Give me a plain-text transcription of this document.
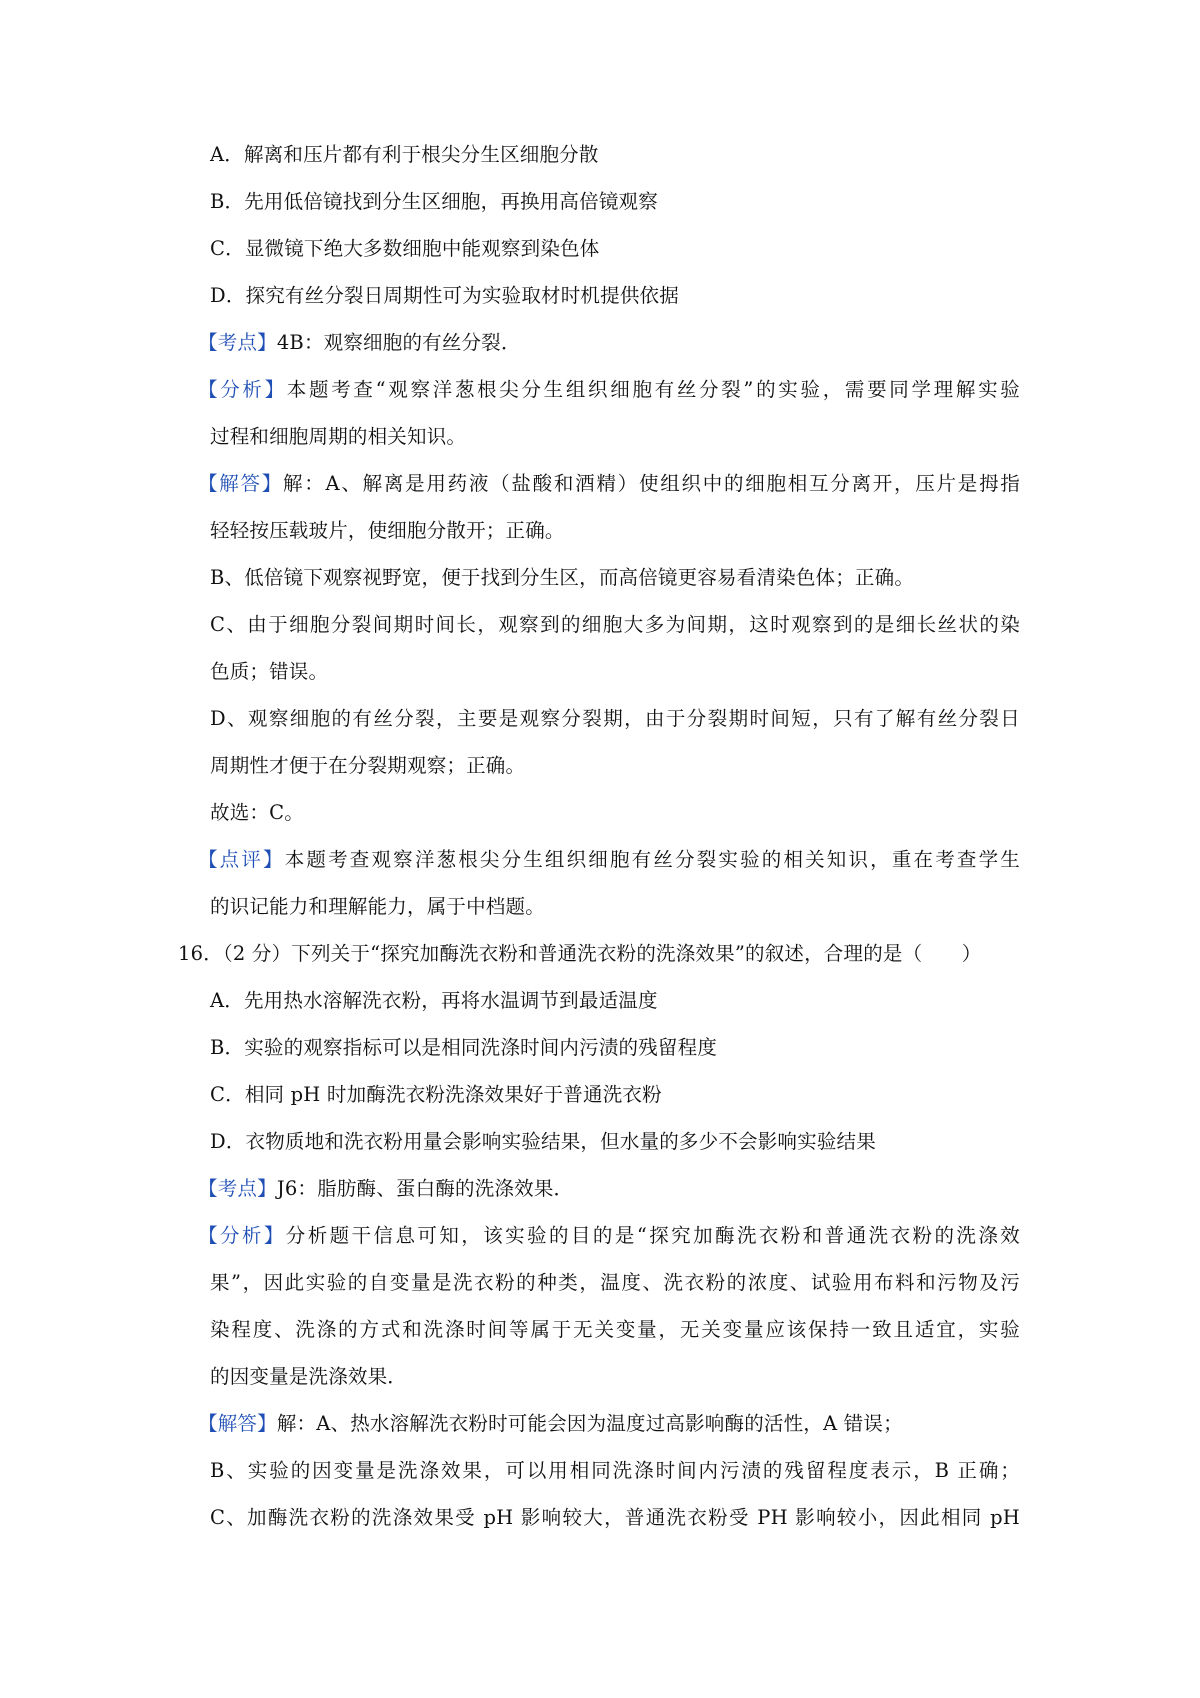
A．解离和压片都有利于根尖分生区细胞分散
B．先用低倍镜找到分生区细胞，再换用高倍镜观察
C．显微镜下绝大多数细胞中能观察到染色体
D．探究有丝分裂日周期性可为实验取材时机提供依据
【考点】4B：观察细胞的有丝分裂．
【分析】本题考查“观察洋葱根尖分生组织细胞有丝分裂”的实验，需要同学理解实验
过程和细胞周期的相关知识。
【解答】解：A、解离是用药液（盐酸和酒精）使组织中的细胞相互分离开，压片是拇指
轻轻按压载玻片，使细胞分散开；正确。
B、低倍镜下观察视野宽，便于找到分生区，而高倍镜更容易看清染色体；正确。
C、由于细胞分裂间期时间长，观察到的细胞大多为间期，这时观察到的是细长丝状的染
色质；错误。
D、观察细胞的有丝分裂，主要是观察分裂期，由于分裂期时间短，只有了解有丝分裂日
周期性才便于在分裂期观察；正确。
故选：C。
【点评】本题考查观察洋葱根尖分生组织细胞有丝分裂实验的相关知识，重在考查学生
的识记能力和理解能力，属于中档题。
16．（2 分）下列关于“探究加酶洗衣粉和普通洗衣粉的洗涤效果”的叙述，合理的是（　　）
A．先用热水溶解洗衣粉，再将水温调节到最适温度
B．实验的观察指标可以是相同洗涤时间内污渍的残留程度
C．相同 pH 时加酶洗衣粉洗涤效果好于普通洗衣粉
D．衣物质地和洗衣粉用量会影响实验结果，但水量的多少不会影响实验结果
【考点】J6：脂肪酶、蛋白酶的洗涤效果．
【分析】分析题干信息可知，该实验的目的是“探究加酶洗衣粉和普通洗衣粉的洗涤效
果”，因此实验的自变量是洗衣粉的种类，温度、洗衣粉的浓度、试验用布料和污物及污
染程度、洗涤的方式和洗涤时间等属于无关变量，无关变量应该保持一致且适宜，实验
的因变量是洗涤效果．
【解答】解：A、热水溶解洗衣粉时可能会因为温度过高影响酶的活性，A 错误；
B、实验的因变量是洗涤效果，可以用相同洗涤时间内污渍的残留程度表示，B 正确；
C、加酶洗衣粉的洗涤效果受 pH 影响较大，普通洗衣粉受 PH 影响较小，因此相同 pH
